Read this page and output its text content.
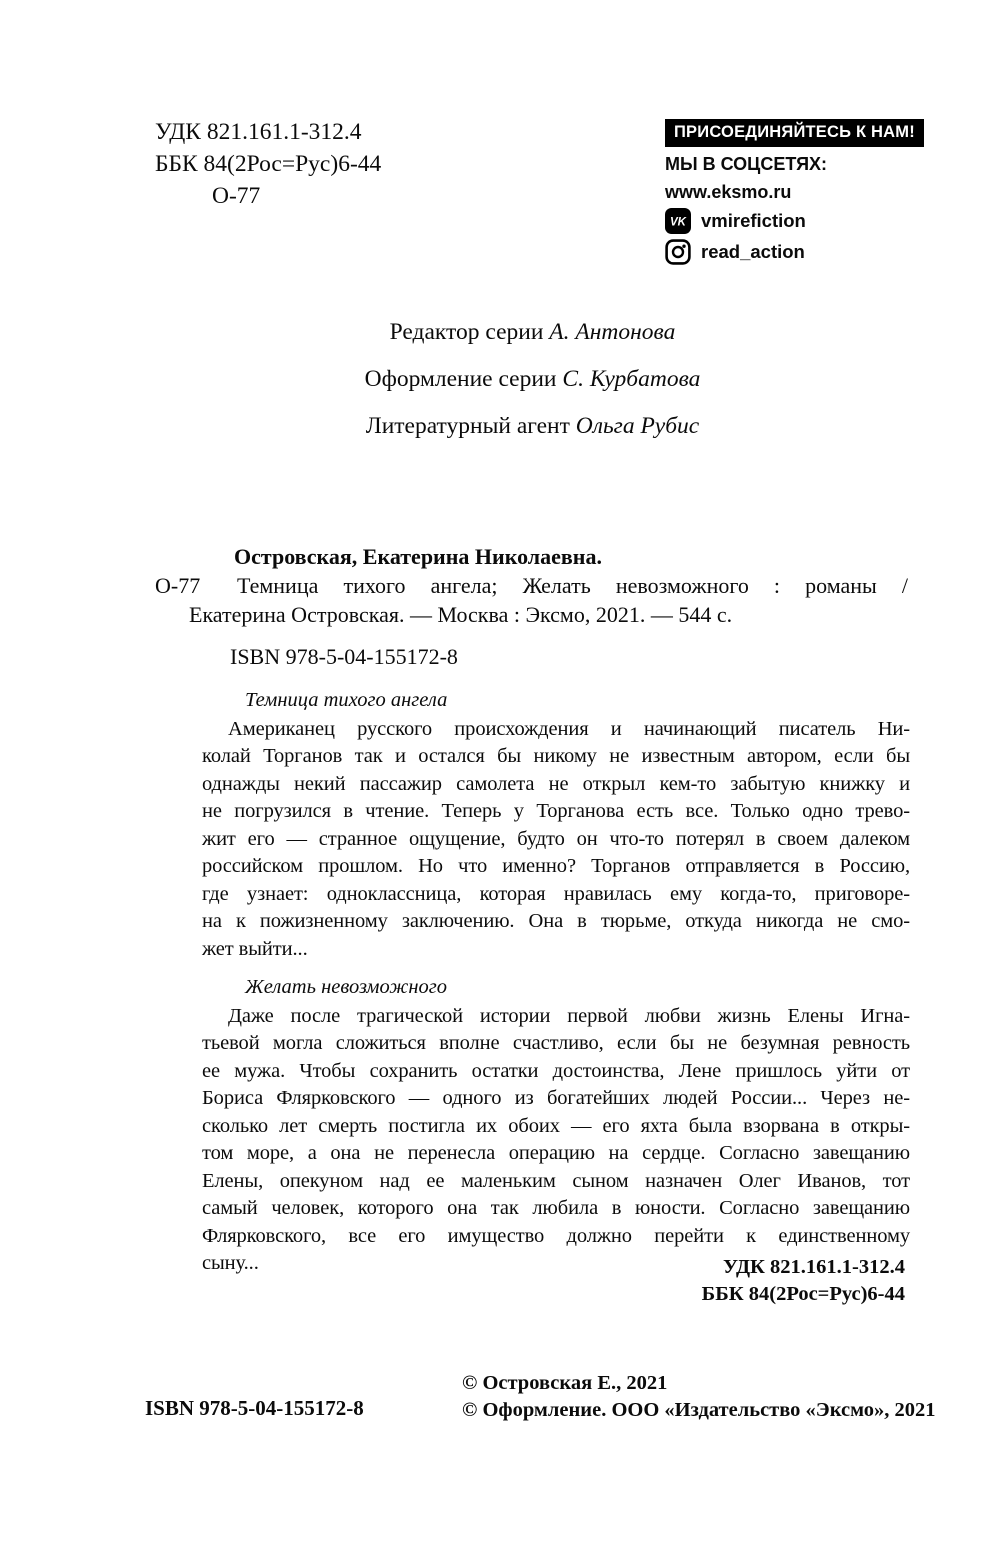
УДК 821.161.1-312.4
ББК 84(2Рос=Рус)6-44
О-77
ПРИСОЕДИНЯЙТЕСЬ К НАМ!
МЫ В СОЦСЕТЯХ:
www.eksmo.ru
VK vmirefiction
read_action
Редактор серии А. Антонова
Оформление серии С. Курбатова
Литературный агент Ольга Рубис
Островская, Екатерина Николаевна.
О-77 Темница тихого ангела; Желать невозможного : романы /
Екатерина Островская. — Москва : Эксмо, 2021. — 544 с.
ISBN 978-5-04-155172-8
Темница тихого ангела
Американец русского происхождения и начинающий писатель Ни-
колай Торганов так и остался бы никому не известным автором, если бы
однажды некий пассажир самолета не открыл кем-то забытую книжку и
не погрузился в чтение. Теперь у Торганова есть все. Только одно трево-
жит его — странное ощущение, будто он что-то потерял в своем далеком
российском прошлом. Но что именно? Торганов отправляется в Россию,
где узнает: одноклассница, которая нравилась ему когда-то, приговоре-
на к пожизненному заключению. Она в тюрьме, откуда никогда не смо-
жет выйти...
Желать невозможного
Даже после трагической истории первой любви жизнь Елены Игна-
тьевой могла сложиться вполне счастливо, если бы не безумная ревность
ее мужа. Чтобы сохранить остатки достоинства, Лене пришлось уйти от
Бориса Флярковского — одного из богатейших людей России... Через не-
сколько лет смерть постигла их обоих — его яхта была взорвана в откры-
том море, а она не перенесла операцию на сердце. Согласно завещанию
Елены, опекуном над ее маленьким сыном назначен Олег Иванов, тот
самый человек, которого она так любила в юности. Согласно завещанию
Флярковского, все его имущество должно перейти к единственному
сыну...	УДК 821.161.1-312.4
ББК 84(2Рос=Рус)6-44
ISBN 978-5-04-155172-8
© Островская Е., 2021
© Оформление. ООО «Издательство «Эксмо», 2021
